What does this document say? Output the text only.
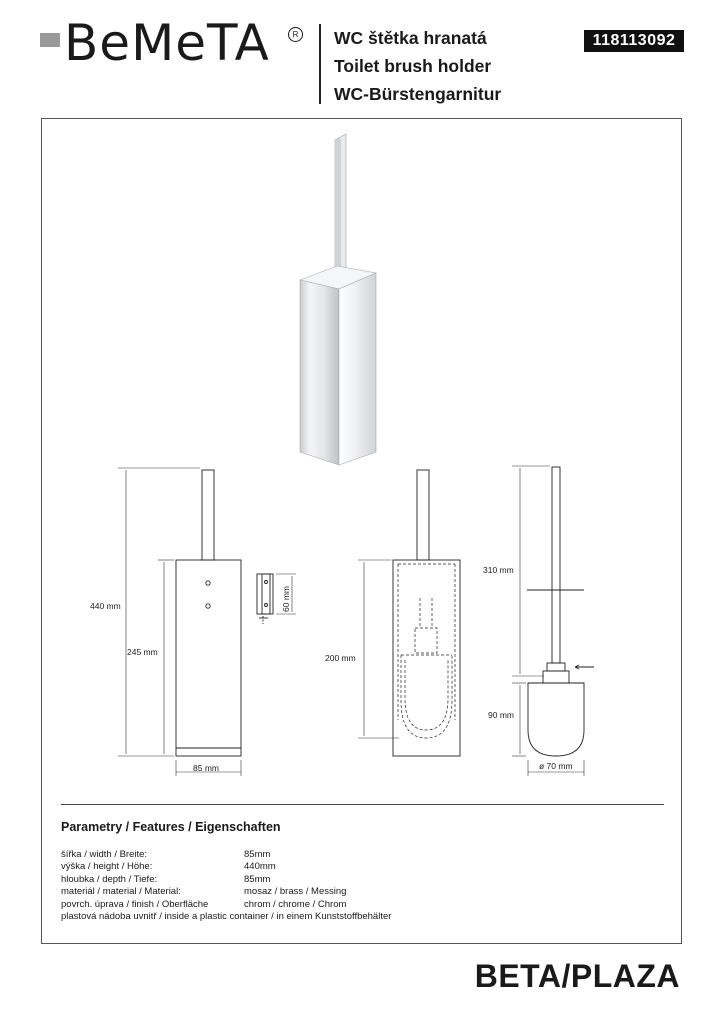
BeMeTA	R WC štětka hranatá
Toilet brush holder
WC-Bürstengarnitur
118113092
440 mm
245 mm
85 mm
60 mm
200 mm
310 mm
90 mm
ø 70 mm
Parametry / Features / Eigenschaften
šířka / width / Breite:	85mm
výška / height / Höhe:	440mm
hloubka / depth / Tiefe:	85mm
materiál / material / Material:	mosaz / brass / Messing
povrch. úprava / finish / Oberfläche	chrom / chrome / Chrom
plastová nádoba uvnitř / inside a plastic container / in einem Kunststoffbehälter
BETA/PLAZA
